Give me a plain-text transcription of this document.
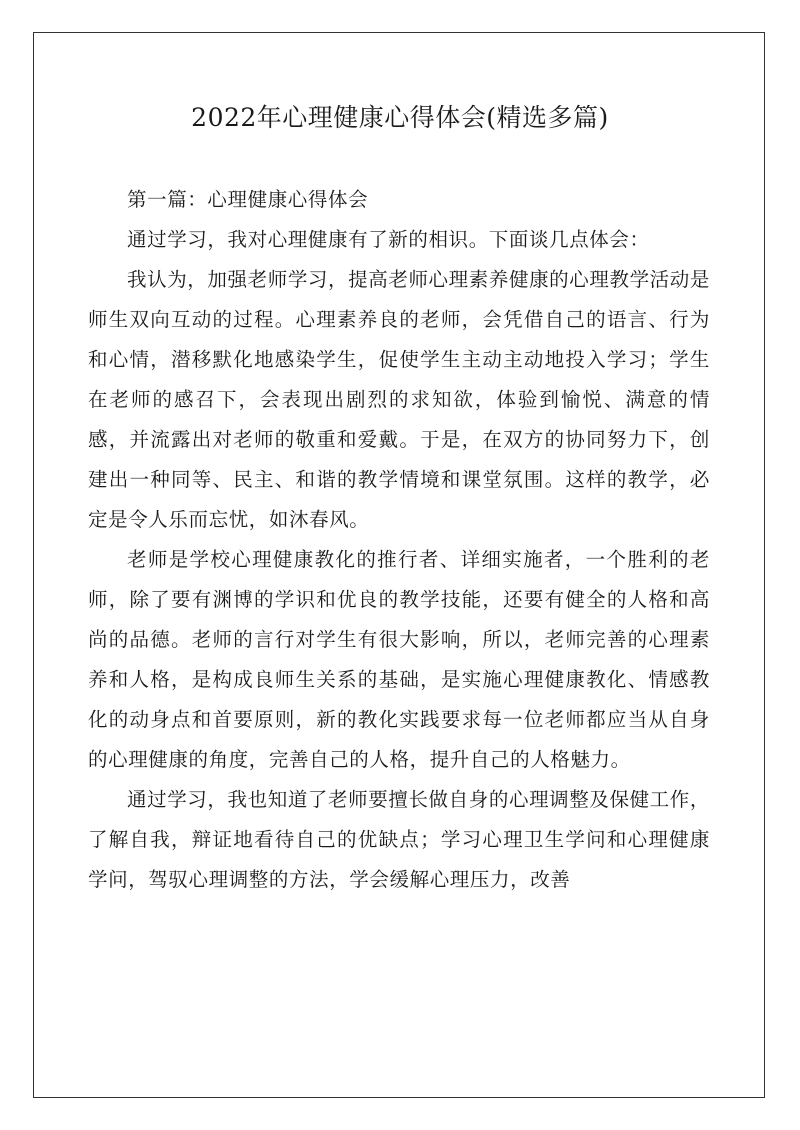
2022年心理健康心得体会(精选多篇)

第一篇：心理健康心得体会

通过学习，我对心理健康有了新的相识。下面谈几点体会：

我认为，加强老师学习，提高老师心理素养健康的心理教学活动是师生双向互动的过程。心理素养良的老师，会凭借自己的语言、行为和心情，潜移默化地感染学生，促使学生主动主动地投入学习；学生在老师的感召下，会表现出剧烈的求知欲，体验到愉悦、满意的情感，并流露出对老师的敬重和爱戴。于是，在双方的协同努力下，创建出一种同等、民主、和谐的教学情境和课堂氛围。这样的教学，必定是令人乐而忘忧，如沐春风。

老师是学校心理健康教化的推行者、详细实施者，一个胜利的老师，除了要有渊博的学识和优良的教学技能，还要有健全的人格和高尚的品德。老师的言行对学生有很大影响，所以，老师完善的心理素养和人格，是构成良师生关系的基础，是实施心理健康教化、情感教化的动身点和首要原则，新的教化实践要求每一位老师都应当从自身的心理健康的角度，完善自己的人格，提升自己的人格魅力。

通过学习，我也知道了老师要擅长做自身的心理调整及保健工作，了解自我，辩证地看待自己的优缺点；学习心理卫生学问和心理健康学问，驾驭心理调整的方法，学会缓解心理压力，改善
